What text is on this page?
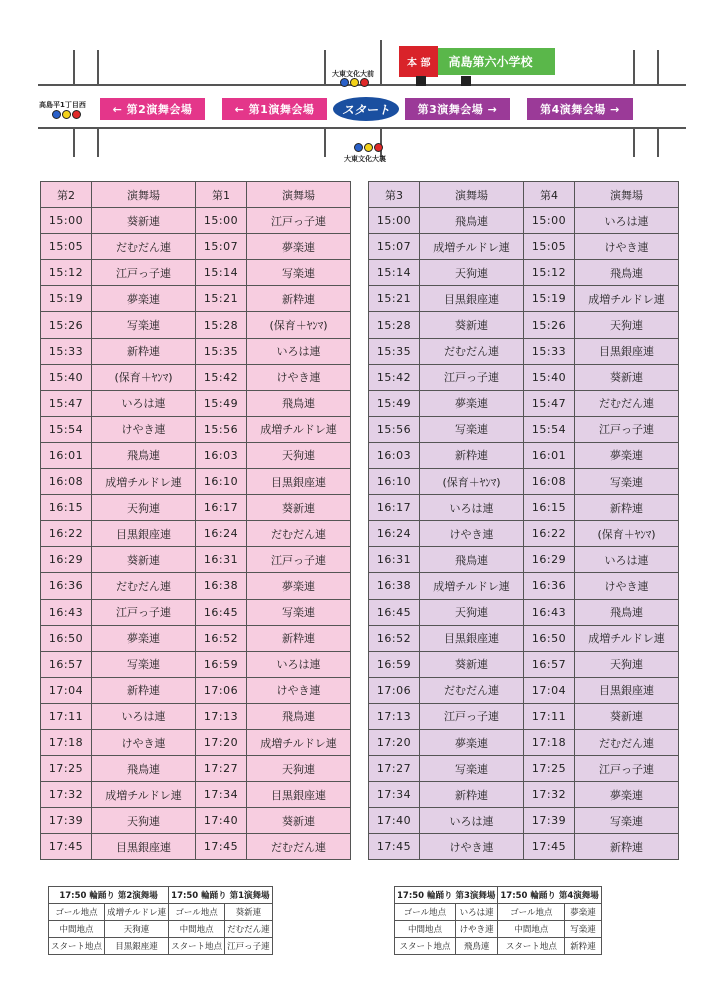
高島平1丁目西	← 第2演舞会場	← 第1演舞会場	スタート	第3演舞会場 →	第4演舞会場 →
大東文化大前
大東文化大裏
本 部	高島第六小学校
第2	演舞場	第1	演舞場
15:00	葵新連	15:00	江戸っ子連
15:05	だむだん連	15:07	夢楽連
15:12	江戸っ子連	15:14	写楽連
15:19	夢楽連	15:21	新粋連
15:26	写楽連	15:28	(保育＋ﾔﾝﾏ)
15:33	新粋連	15:35	いろは連
15:40	(保育＋ﾔﾝﾏ)	15:42	けやき連
15:47	いろは連	15:49	飛鳥連
15:54	けやき連	15:56	成増チルドレ連
16:01	飛鳥連	16:03	天狗連
16:08	成増チルドレ連	16:10	目黒銀座連
16:15	天狗連	16:17	葵新連
16:22	目黒銀座連	16:24	だむだん連
16:29	葵新連	16:31	江戸っ子連
16:36	だむだん連	16:38	夢楽連
16:43	江戸っ子連	16:45	写楽連
16:50	夢楽連	16:52	新粋連
16:57	写楽連	16:59	いろは連
17:04	新粋連	17:06	けやき連
17:11	いろは連	17:13	飛鳥連
17:18	けやき連	17:20	成増チルドレ連
17:25	飛鳥連	17:27	天狗連
17:32	成増チルドレ連	17:34	目黒銀座連
17:39	天狗連	17:40	葵新連
17:45	目黒銀座連	17:45	だむだん連
第3	演舞場	第4	演舞場
15:00	飛鳥連	15:00	いろは連
15:07	成増チルドレ連	15:05	けやき連
15:14	天狗連	15:12	飛鳥連
15:21	目黒銀座連	15:19	成増チルドレ連
15:28	葵新連	15:26	天狗連
15:35	だむだん連	15:33	目黒銀座連
15:42	江戸っ子連	15:40	葵新連
15:49	夢楽連	15:47	だむだん連
15:56	写楽連	15:54	江戸っ子連
16:03	新粋連	16:01	夢楽連
16:10	(保育＋ﾔﾝﾏ)	16:08	写楽連
16:17	いろは連	16:15	新粋連
16:24	けやき連	16:22	(保育＋ﾔﾝﾏ)
16:31	飛鳥連	16:29	いろは連
16:38	成増チルドレ連	16:36	けやき連
16:45	天狗連	16:43	飛鳥連
16:52	目黒銀座連	16:50	成増チルドレ連
16:59	葵新連	16:57	天狗連
17:06	だむだん連	17:04	目黒銀座連
17:13	江戸っ子連	17:11	葵新連
17:20	夢楽連	17:18	だむだん連
17:27	写楽連	17:25	江戸っ子連
17:34	新粋連	17:32	夢楽連
17:40	いろは連	17:39	写楽連
17:45	けやき連	17:45	新粋連
17:50 輪踊り 第2演舞場		17:50 輪踊り 第1演舞場	
ゴール地点	成増チルドレ連	ゴール地点	葵新連
中間地点	天狗連	中間地点	だむだん連
スタート地点	目黒銀座連	スタート地点	江戸っ子連
17:50 輪踊り 第3演舞場		17:50 輪踊り 第4演舞場	
ゴール地点	いろは連	ゴール地点	夢楽連
中間地点	けやき連	中間地点	写楽連
スタート地点	飛鳥連	スタート地点	新粋連
